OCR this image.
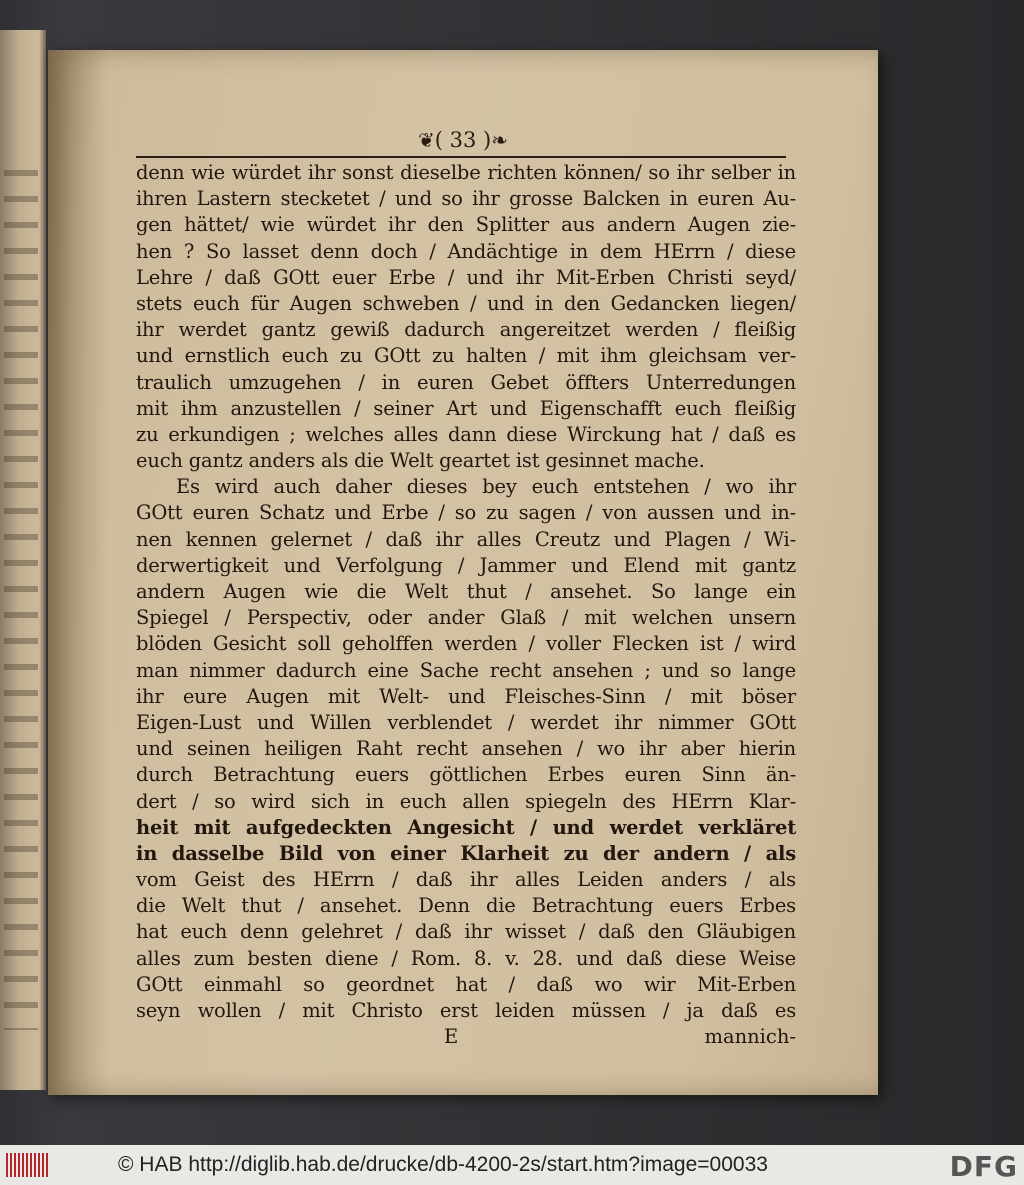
❦( 33 )❧
denn wie würdet ihr sonst dieselbe richten können/ so ihr selber in
ihren Lastern stecketet / und so ihr grosse Balcken in euren Au-
gen hättet/ wie würdet ihr den Splitter aus andern Augen zie-
hen ? So lasset denn doch / Andächtige in dem HErrn / diese
Lehre / daß GOtt euer Erbe / und ihr Mit-Erben Christi seyd/
stets euch für Augen schweben / und in den Gedancken liegen/
ihr werdet gantz gewiß dadurch angereitzet werden / fleißig
und ernstlich euch zu GOtt zu halten / mit ihm gleichsam ver-
traulich umzugehen / in euren Gebet öffters Unterredungen
mit ihm anzustellen / seiner Art und Eigenschafft euch fleißig
zu erkundigen ; welches alles dann diese Wirckung hat / daß es
euch gantz anders als die Welt geartet ist gesinnet mache.
Es wird auch daher dieses bey euch entstehen / wo ihr
GOtt euren Schatz und Erbe / so zu sagen / von aussen und in-
nen kennen gelernet / daß ihr alles Creutz und Plagen / Wi-
derwertigkeit und Verfolgung / Jammer und Elend mit gantz
andern Augen wie die Welt thut / ansehet. So lange ein
Spiegel / Perspectiv, oder ander Glaß / mit welchen unsern
blöden Gesicht soll geholffen werden / voller Flecken ist / wird
man nimmer dadurch eine Sache recht ansehen ; und so lange
ihr eure Augen mit Welt- und Fleisches-Sinn / mit böser
Eigen-Lust und Willen verblendet / werdet ihr nimmer GOtt
und seinen heiligen Raht recht ansehen / wo ihr aber hierin
durch Betrachtung euers göttlichen Erbes euren Sinn än-
dert / so wird sich in euch allen spiegeln des HErrn Klar-
heit mit aufgedeckten Angesicht / und werdet verkläret
in dasselbe Bild von einer Klarheit zu der andern / als
vom Geist des HErrn / daß ihr alles Leiden anders / als
die Welt thut / ansehet. Denn die Betrachtung euers Erbes
hat euch denn gelehret / daß ihr wisset / daß den Gläubigen
alles zum besten diene / Rom. 8. v. 28. und daß diese Weise
GOtt einmahl so geordnet hat / daß wo wir Mit-Erben
seyn wollen / mit Christo erst leiden müssen / ja daß es
E	mannich-
© HAB http://diglib.hab.de/drucke/db-4200-2s/start.htm?image=00033	DFG
